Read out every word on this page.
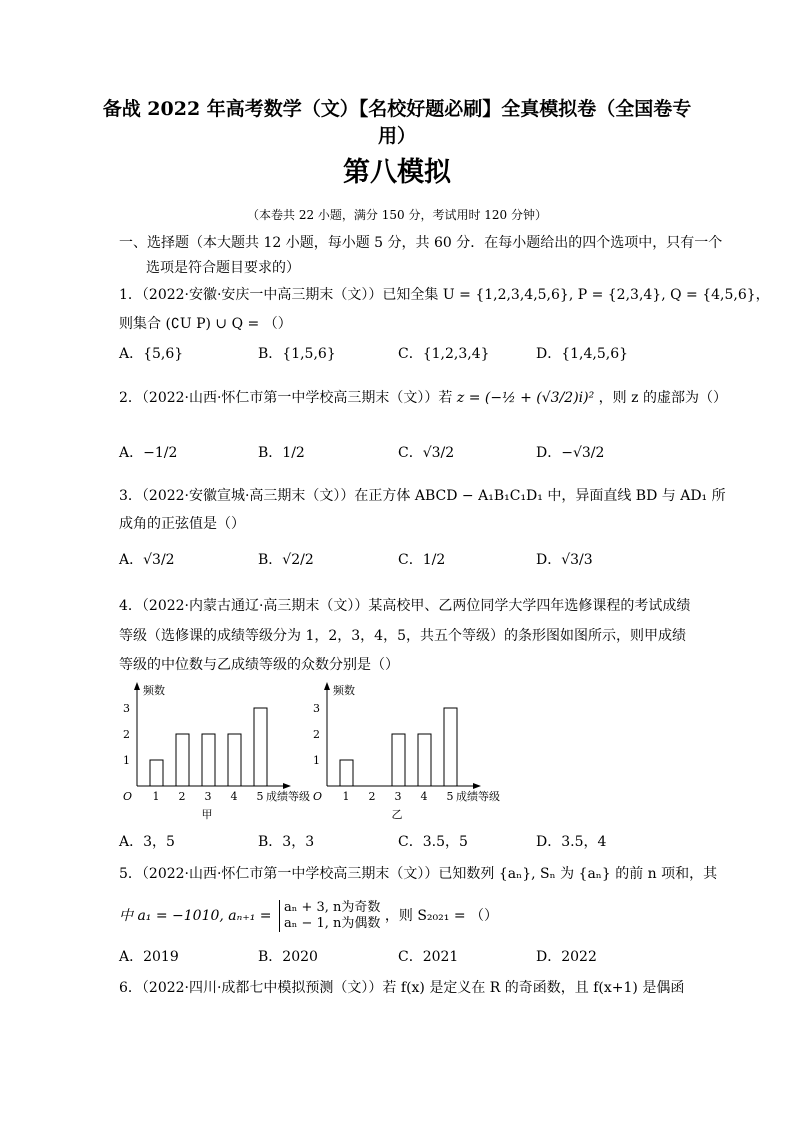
备战 2022 年高考数学（文）【名校好题必刷】全真模拟卷（全国卷专用）
第八模拟
（本卷共 22 小题，满分 150 分，考试用时 120 分钟）
一、选择题（本大题共 12 小题，每小题 5 分，共 60 分．在每小题给出的四个选项中，只有一个
选项是符合题目要求的）
1．（2022·安徽·安庆一中高三期末（文））已知全集 U = {1,2,3,4,5,6}, P = {2,3,4}, Q = {4,5,6}，
则集合 (∁U P) ∪ Q = （）
A．{5,6}	B．{1,5,6}	C．{1,2,3,4}	D．{1,4,5,6}
2．（2022·山西·怀仁市第一中学校高三期末（文））若 z = (−½ + (√3/2)i)² ，则 z 的虚部为（）
A．−1/2	B．1/2	C．√3/2	D．−√3/2
3．（2022·安徽宣城·高三期末（文））在正方体 ABCD − A₁B₁C₁D₁ 中，异面直线 BD 与 AD₁ 所
成角的正弦值是（）
A．√3/2	B．√2/2	C．1/2	D．√3/3
4．（2022·内蒙古通辽·高三期末（文））某高校甲、乙两位同学大学四年选修课程的考试成绩
等级（选修课的成绩等级分为 1，2，3，4，5，共五个等级）的条形图如图所示，则甲成绩
等级的中位数与乙成绩等级的众数分别是（）
频数
O
1
2
3
1 2 3 4 5 成绩等级
甲
频数
O
1
2
3
1 2 3 4 5 成绩等级
乙
A．3，5	B．3，3	C．3.5，5	D．3.5，4
5．（2022·山西·怀仁市第一中学校高三期末（文））已知数列 {aₙ}, Sₙ 为 {aₙ} 的前 n 项和，其
中 a₁ = −1010, aₙ₊₁ =
aₙ + 3, n为奇数
aₙ − 1, n为偶数 ，则 S₂₀₂₁ = （）
A．2019	B．2020	C．2021	D．2022
6．（2022·四川·成都七中模拟预测（文））若 f(x) 是定义在 R 的奇函数，且 f(x+1) 是偶函
